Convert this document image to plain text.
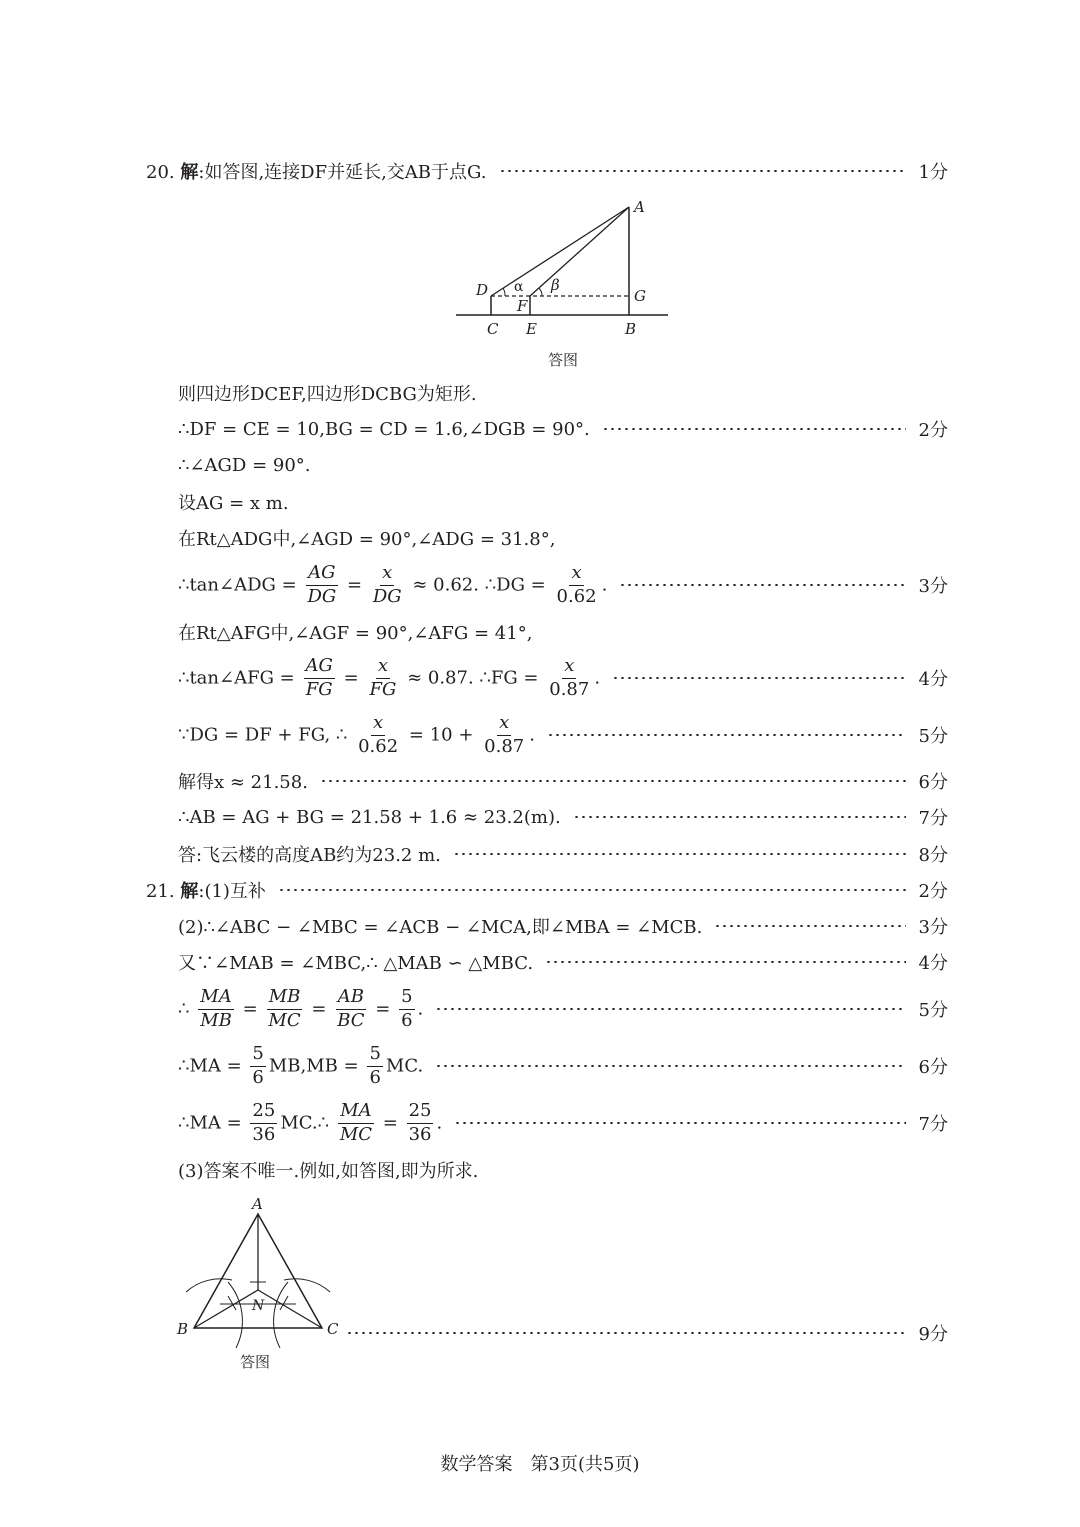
20. 解:如答图,连接DF并延长,交AB于点G.	1分
A
D	G
C
F
E	B
α β
答图
则四边形DCEF,四边形DCBG为矩形.
∴DF = CE = 10,BG = CD = 1.6,∠DGB = 90°.	2分
∴∠AGD = 90°.
设AG = x m.
在Rt△ADG中,∠AGD = 90°,∠ADG = 31.8°,
∴tan∠ADG = $\frac{AG}{DG} = \frac{x}{DG} \approx 0.62$. ∴DG = $\frac{x}{0.62}$ .	3分
在Rt△AFG中,∠AGF = 90°,∠AFG = 41°,
∴tan∠AFG = $\frac{AG}{FG} = \frac{x}{FG} \approx 0.87$. ∴FG = $\frac{x}{0.87}$ .	4分
∵DG = DF + FG, ∴ $\frac{x}{0.62} = 10 + \frac{x}{0.87}$ .	5分
解得x ≈ 21.58.	6分
∴AB = AG + BG = 21.58 + 1.6 ≈ 23.2(m).	7分
答:飞云楼的高度AB约为23.2 m.	8分
21. 解:(1)互补	2分
(2)∴∠ABC − ∠MBC = ∠ACB − ∠MCA,即∠MBA = ∠MCB.	3分
又∵∠MAB = ∠MBC,∴ △MAB ∽ △MBC.	4分
∴ $\frac{MA}{MB} = \frac{MB}{MC} = \frac{AB}{BC} = \frac{5}{6}$ .	5分
∴MA = $\frac{5}{6} MB,MB = \frac{5}{6}$ MC.	6分
∴MA = $\frac{25}{36}$ MC.∴ $\frac{MA}{MC} = \frac{25}{36}$ .	7分
(3)答案不唯一.例如,如答图,即为所求.
A
B	C
N
9分
答图
数学答案　第3页(共5页)
